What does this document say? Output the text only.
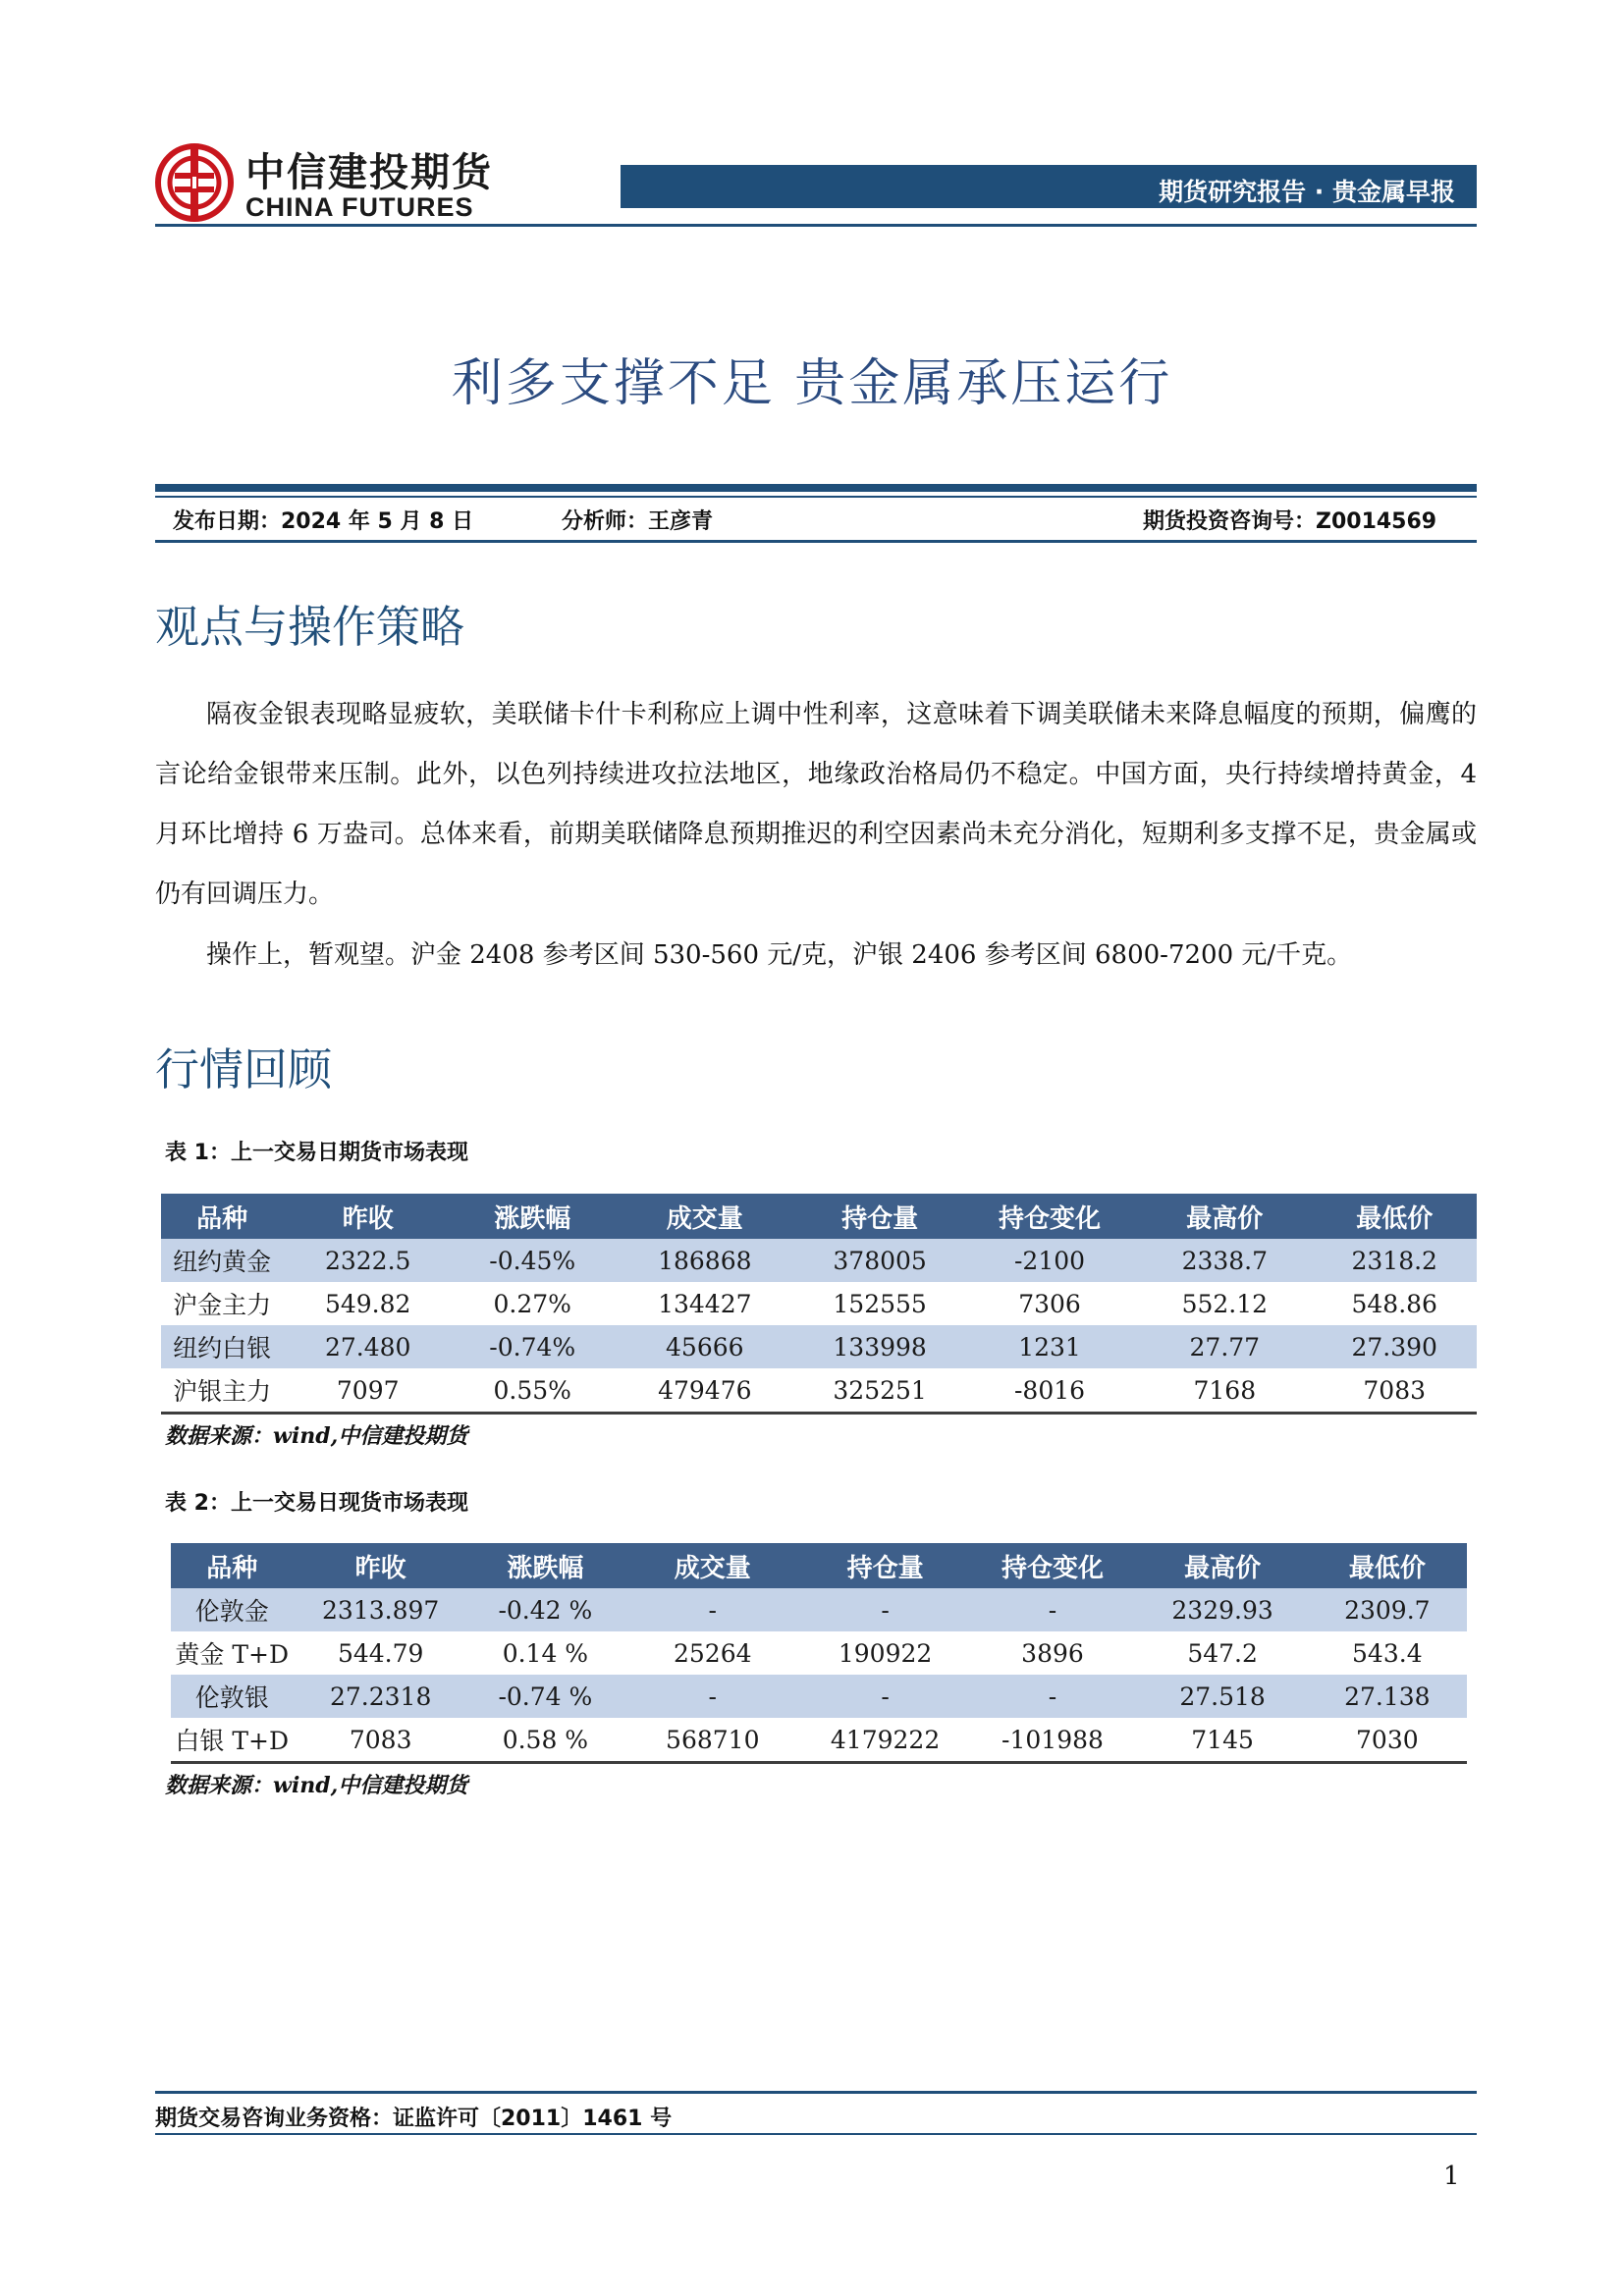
中信建投期货
CHINA FUTURES
期货研究报告 · 贵金属早报
利多支撑不足 贵金属承压运行
发布日期：2024 年 5 月 8 日	分析师：王彦青	期货投资咨询号：Z0014569
观点与操作策略

隔夜金银表现略显疲软，美联储卡什卡利称应上调中性利率，这意味着下调美联储未来降息幅度的预期，偏鹰的言论给金银带来压制。此外，以色列持续进攻拉法地区，地缘政治格局仍不稳定。中国方面，央行持续增持黄金，4 月环比增持 6 万盎司。总体来看，前期美联储降息预期推迟的利空因素尚未充分消化，短期利多支撑不足，贵金属或仍有回调压力。

操作上，暂观望。沪金 2408 参考区间 530-560 元/克，沪银 2406 参考区间 6800-7200 元/千克。

行情回顾
表 1：上一交易日期货市场表现
品种	昨收	涨跌幅	成交量	持仓量	持仓变化	最高价	最低价
纽约黄金	2322.5	-0.45%	186868	378005	-2100	2338.7	2318.2
沪金主力	549.82	0.27%	134427	152555	7306	552.12	548.86
纽约白银	27.480	-0.74%	45666	133998	1231	27.77	27.390
沪银主力	7097	0.55%	479476	325251	-8016	7168	7083
数据来源：wind,中信建投期货
表 2：上一交易日现货市场表现
品种	昨收	涨跌幅	成交量	持仓量	持仓变化	最高价	最低价
伦敦金	2313.897	-0.42 %	-	-	-	2329.93	2309.7
黄金 T+D	544.79	0.14 %	25264	190922	3896	547.2	543.4
伦敦银	27.2318	-0.74 %	-	-	-	27.518	27.138
白银 T+D	7083	0.58 %	568710	4179222	-101988	7145	7030
数据来源：wind,中信建投期货
期货交易咨询业务资格：证监许可〔2011〕1461 号
1
